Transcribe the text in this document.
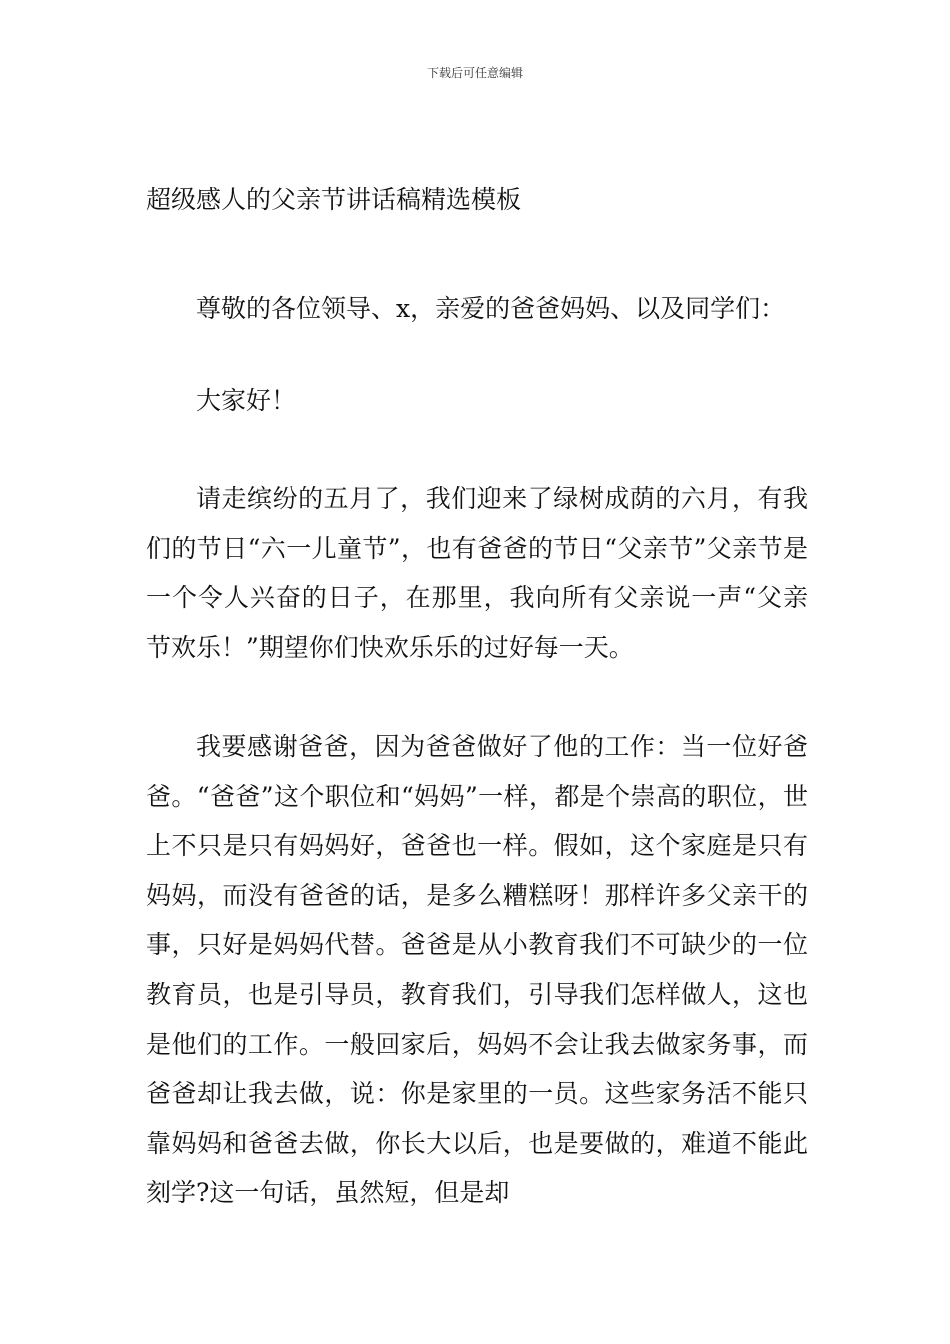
下载后可任意编辑
超级感人的父亲节讲话稿精选模板

尊敬的各位领导、x，亲爱的爸爸妈妈、以及同学们：

大家好！

请走缤纷的五月了，我们迎来了绿树成荫的六月，有我们的节日“六一儿童节”，也有爸爸的节日“父亲节”父亲节是一个令人兴奋的日子，在那里，我向所有父亲说一声“父亲节欢乐！”期望你们快欢乐乐的过好每一天。

我要感谢爸爸，因为爸爸做好了他的工作：当一位好爸爸。“爸爸”这个职位和“妈妈”一样，都是个崇高的职位，世上不只是只有妈妈好，爸爸也一样。假如，这个家庭是只有妈妈，而没有爸爸的话，是多么糟糕呀！那样许多父亲干的事，只好是妈妈代替。爸爸是从小教育我们不可缺少的一位教育员，也是引导员，教育我们，引导我们怎样做人，这也是他们的工作。一般回家后，妈妈不会让我去做家务事，而爸爸却让我去做，说：你是家里的一员。这些家务活不能只靠妈妈和爸爸去做，你长大以后，也是要做的，难道不能此刻学?这一句话，虽然短，但是却
